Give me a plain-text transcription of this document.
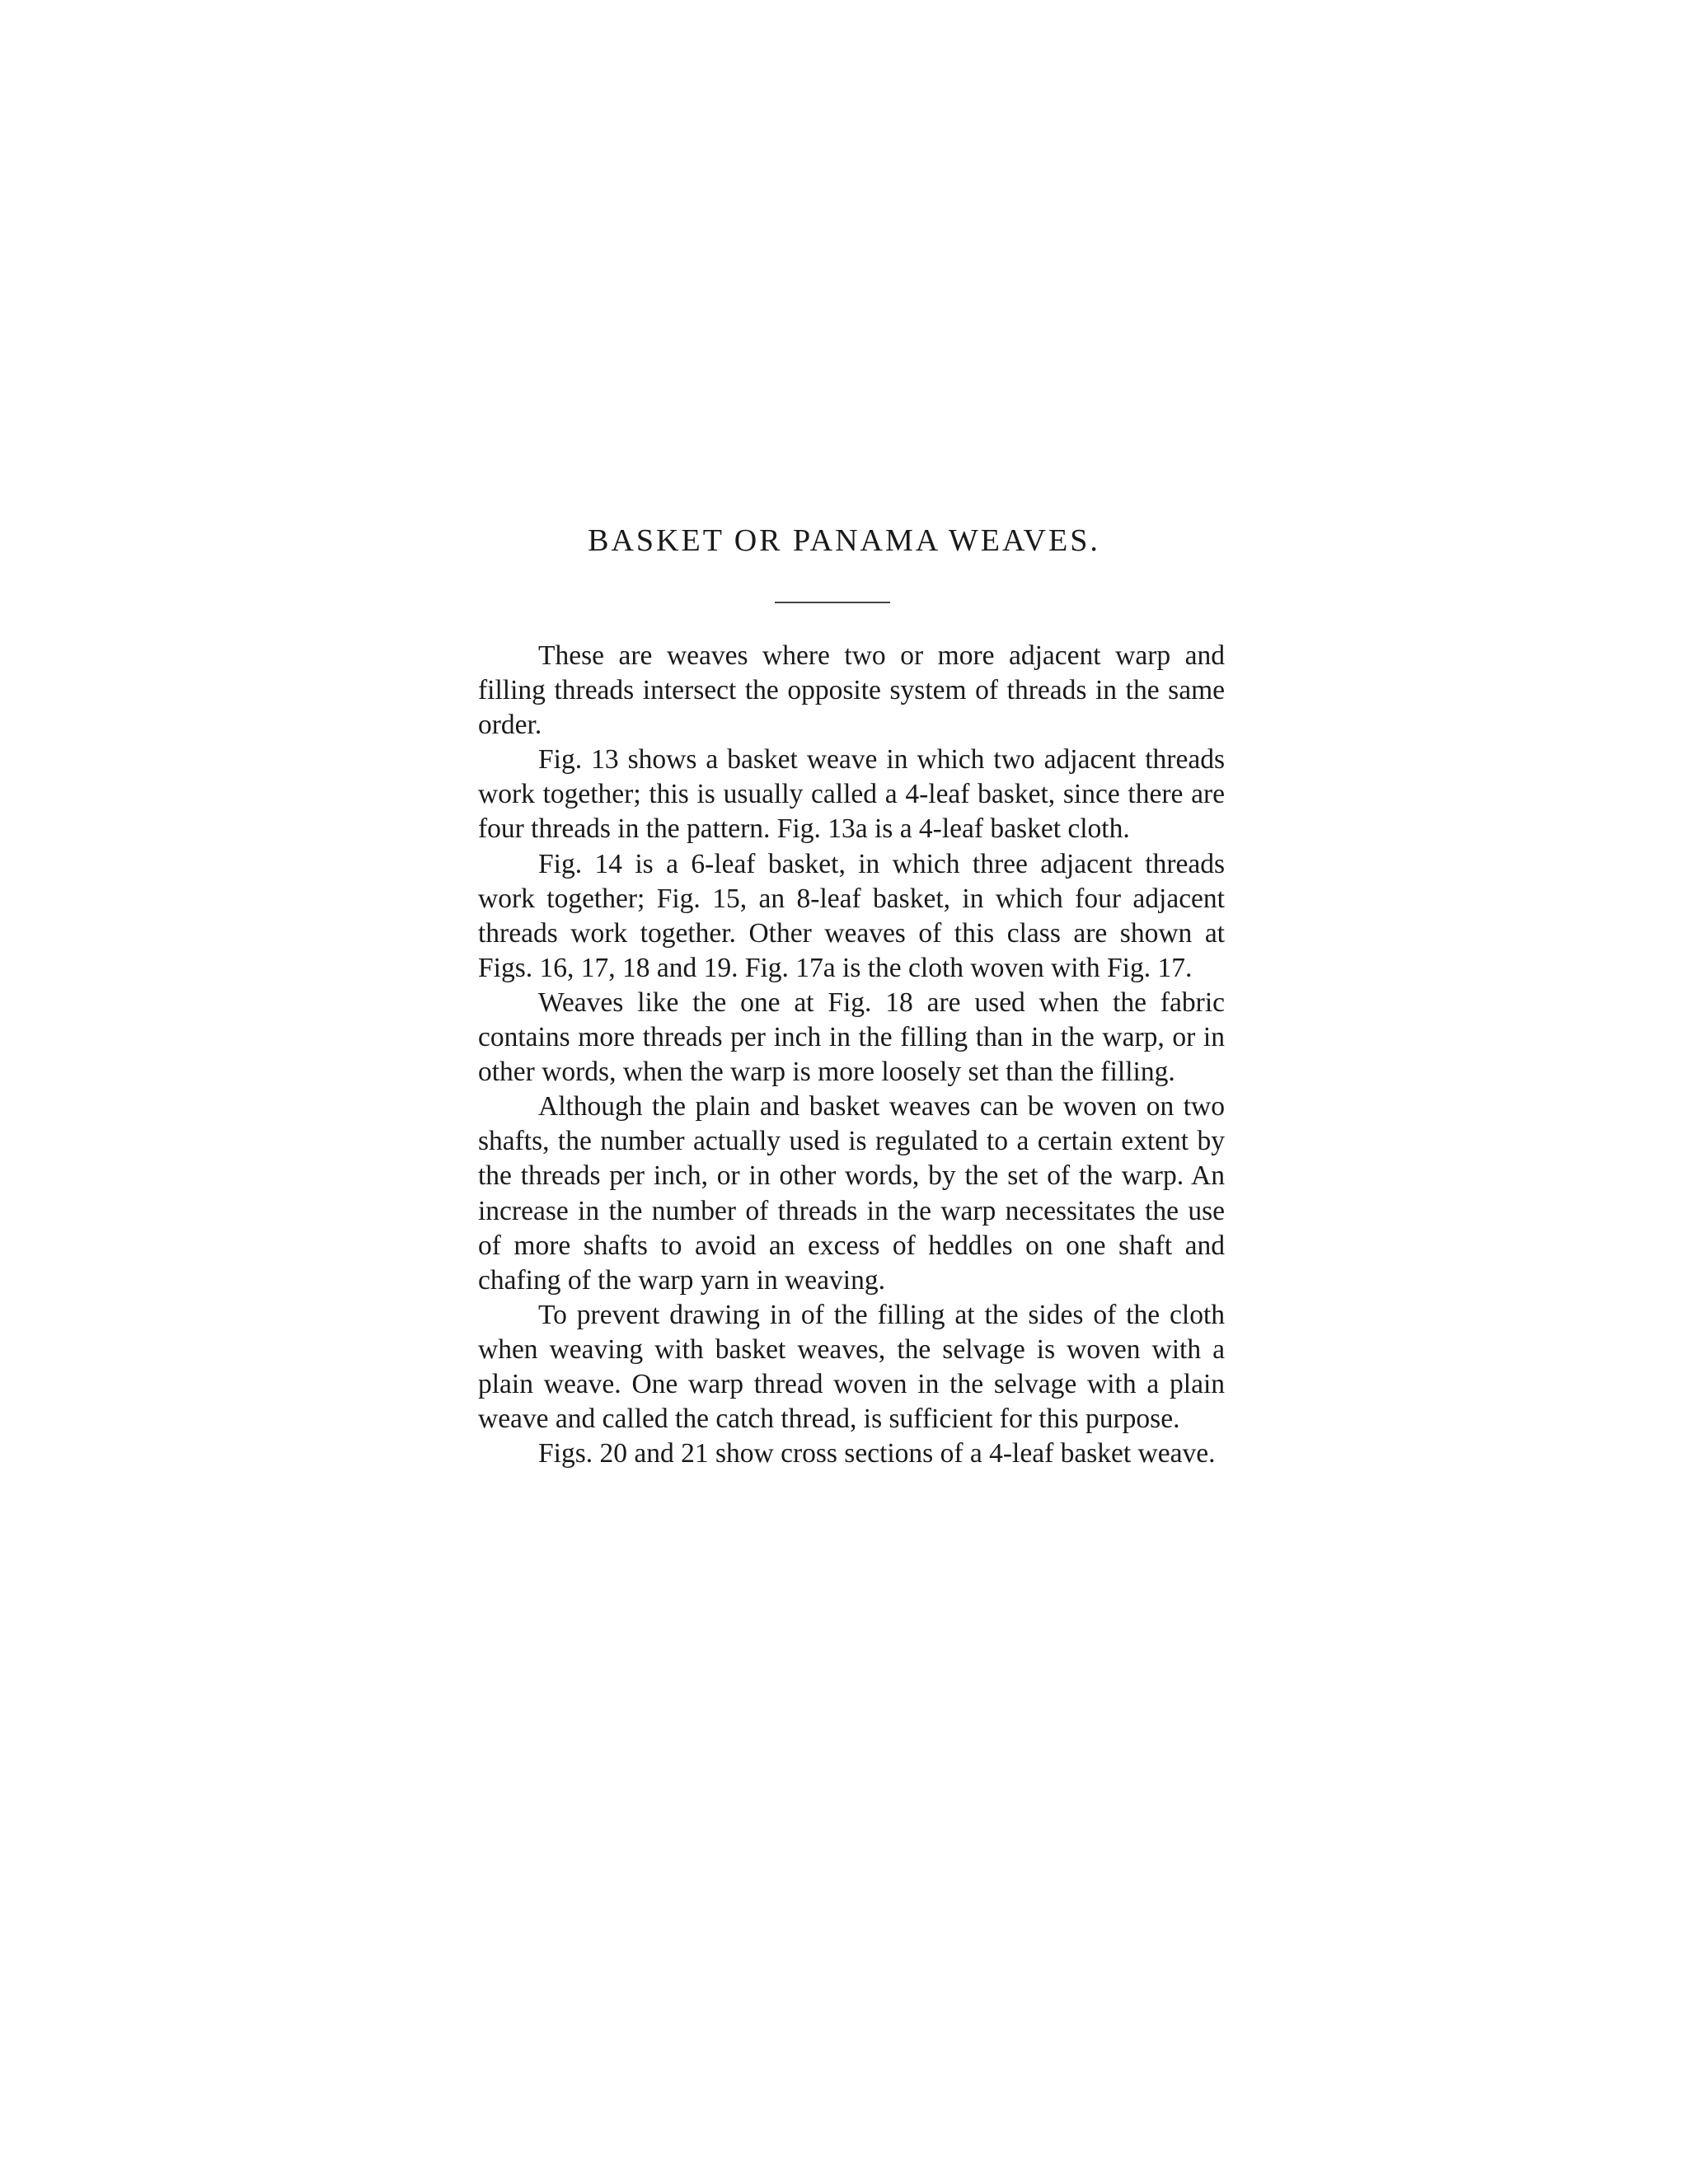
BASKET OR PANAMA WEAVES.

These are weaves where two or more adjacent warp and filling threads intersect the opposite system of threads in the same order.

Fig. 13 shows a basket weave in which two adjacent threads work together; this is usually called a 4-leaf basket, since there are four threads in the pattern. Fig. 13a is a 4-leaf basket cloth.

Fig. 14 is a 6-leaf basket, in which three adjacent threads work together; Fig. 15, an 8-leaf basket, in which four adjacent threads work together. Other weaves of this class are shown at Figs. 16, 17, 18 and 19. Fig. 17a is the cloth woven with Fig. 17.

Weaves like the one at Fig. 18 are used when the fabric contains more threads per inch in the filling than in the warp, or in other words, when the warp is more loosely set than the filling.

Although the plain and basket weaves can be woven on two shafts, the number actually used is regulated to a certain extent by the threads per inch, or in other words, by the set of the warp. An increase in the number of threads in the warp necessitates the use of more shafts to avoid an excess of heddles on one shaft and chafing of the warp yarn in weaving.

To prevent drawing in of the filling at the sides of the cloth when weaving with basket weaves, the selvage is woven with a plain weave. One warp thread woven in the selvage with a plain weave and called the catch thread, is sufficient for this purpose.

Figs. 20 and 21 show cross sections of a 4-leaf basket weave.
